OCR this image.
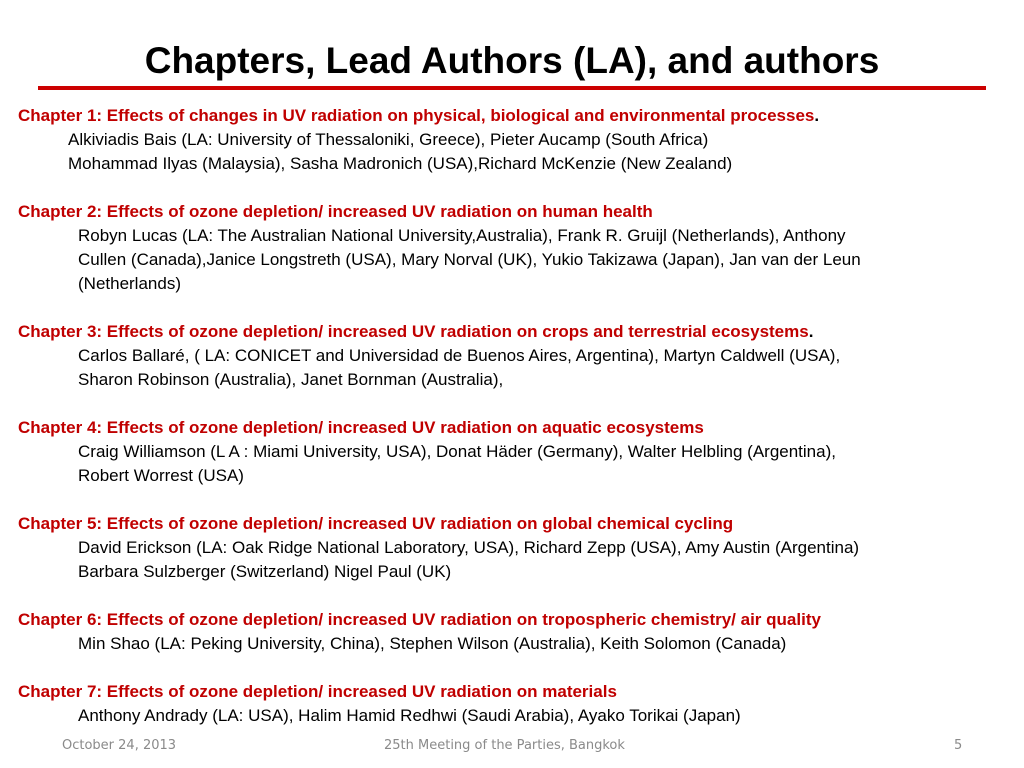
Chapters, Lead Authors (LA), and authors

Chapter 1: Effects of changes in UV radiation on physical, biological and environmental processes.

Alkiviadis Bais (LA: University of Thessaloniki, Greece), Pieter Aucamp (South Africa)
Mohammad Ilyas (Malaysia), Sasha Madronich (USA),Richard McKenzie (New Zealand)

Chapter 2: Effects of ozone depletion/ increased UV radiation on human health

Robyn Lucas (LA: The Australian National University,Australia), Frank R. Gruijl (Netherlands), Anthony
Cullen (Canada),Janice Longstreth (USA), Mary Norval (UK), Yukio Takizawa (Japan), Jan van der Leun
(Netherlands)

Chapter 3: Effects of ozone depletion/ increased UV radiation on crops and terrestrial ecosystems.

Carlos Ballaré, ( LA: CONICET and Universidad de Buenos Aires, Argentina), Martyn Caldwell (USA),
Sharon Robinson (Australia), Janet Bornman (Australia),

Chapter 4: Effects of ozone depletion/ increased UV radiation on aquatic ecosystems

Craig Williamson (L A : Miami University, USA), Donat Häder (Germany), Walter Helbling (Argentina),
Robert Worrest (USA)

Chapter 5: Effects of ozone depletion/ increased UV radiation on global chemical cycling

David Erickson (LA: Oak Ridge National Laboratory, USA), Richard Zepp (USA), Amy Austin (Argentina)
Barbara Sulzberger (Switzerland) Nigel Paul (UK)

Chapter 6: Effects of ozone depletion/ increased UV radiation on tropospheric chemistry/ air quality

Min Shao (LA: Peking University, China), Stephen Wilson (Australia), Keith Solomon (Canada)

Chapter 7: Effects of ozone depletion/ increased UV radiation on materials

Anthony Andrady (LA: USA), Halim Hamid Redhwi (Saudi Arabia), Ayako Torikai (Japan)

October 24, 2013	25th Meeting of the Parties, Bangkok	5
